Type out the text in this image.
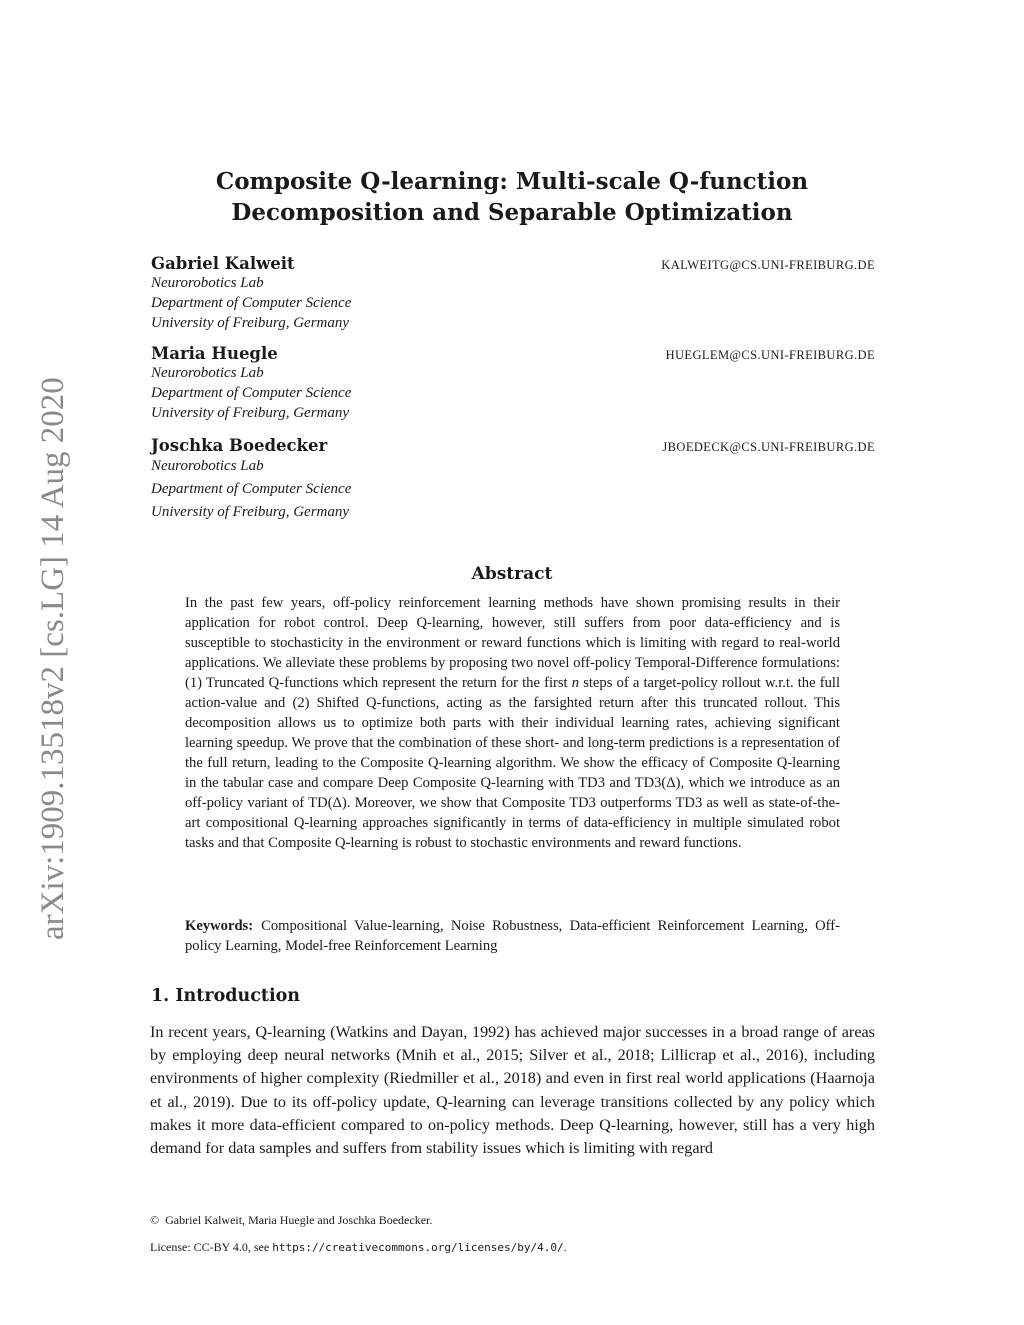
arXiv:1909.13518v2 [cs.LG] 14 Aug 2020
Composite Q-learning: Multi-scale Q-function
Decomposition and Separable Optimization
Gabriel Kalweit	KALWEITG@CS.UNI-FREIBURG.DE
Neurorobotics Lab
Department of Computer Science
University of Freiburg, Germany
Maria Huegle	HUEGLEM@CS.UNI-FREIBURG.DE
Neurorobotics Lab
Department of Computer Science
University of Freiburg, Germany
Joschka Boedecker	JBOEDECK@CS.UNI-FREIBURG.DE
Neurorobotics Lab
Department of Computer Science
University of Freiburg, Germany
Abstract
In the past few years, off-policy reinforcement learning methods have shown promising results in their application for robot control. Deep Q-learning, however, still suffers from poor data-efficiency and is susceptible to stochasticity in the environment or reward functions which is limiting with regard to real-world applications. We alleviate these problems by proposing two novel off-policy Temporal-Difference formulations: (1) Truncated Q-functions which represent the return for the first n steps of a target-policy rollout w.r.t. the full action-value and (2) Shifted Q-functions, acting as the farsighted return after this truncated rollout. This decomposition allows us to optimize both parts with their individual learning rates, achieving significant learning speedup. We prove that the combination of these short- and long-term predictions is a representation of the full return, leading to the Composite Q-learning algorithm. We show the efficacy of Composite Q-learning in the tabular case and compare Deep Composite Q-learning with TD3 and TD3(Δ), which we introduce as an off-policy variant of TD(Δ). Moreover, we show that Composite TD3 outperforms TD3 as well as state-of-the-art compositional Q-learning approaches significantly in terms of data-efficiency in multiple simulated robot tasks and that Composite Q-learning is robust to stochastic environments and reward functions.
Keywords: Compositional Value-learning, Noise Robustness, Data-efficient Reinforcement Learning, Off-policy Learning, Model-free Reinforcement Learning
1. Introduction
In recent years, Q-learning (Watkins and Dayan, 1992) has achieved major successes in a broad range of areas by employing deep neural networks (Mnih et al., 2015; Silver et al., 2018; Lillicrap et al., 2016), including environments of higher complexity (Riedmiller et al., 2018) and even in first real world applications (Haarnoja et al., 2019). Due to its off-policy update, Q-learning can leverage transitions collected by any policy which makes it more data-efficient compared to on-policy methods. Deep Q-learning, however, still has a very high demand for data samples and suffers from stability issues which is limiting with regard
© Gabriel Kalweit, Maria Huegle and Joschka Boedecker.
License: CC-BY 4.0, see https://creativecommons.org/licenses/by/4.0/.
